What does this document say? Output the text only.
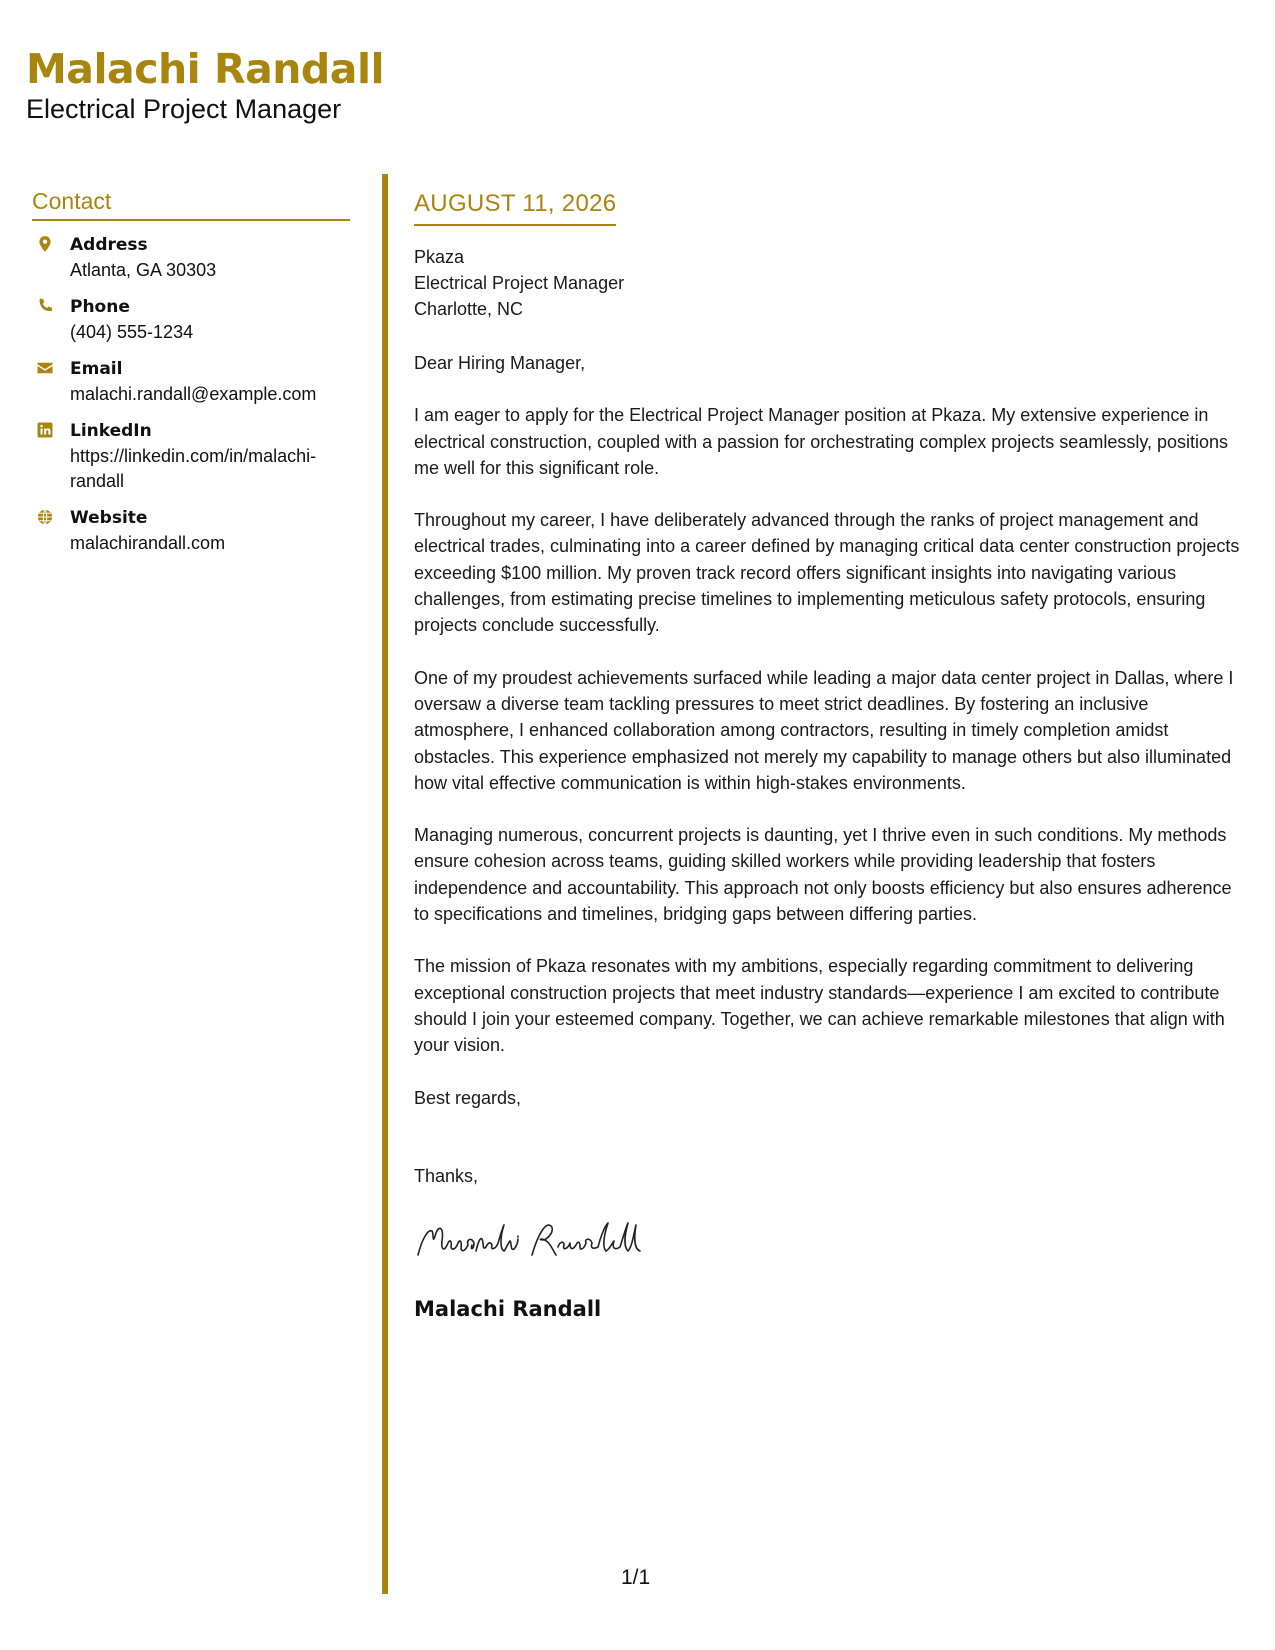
Malachi Randall
Electrical Project Manager
Contact
Address
Atlanta, GA 30303
Phone
(404) 555-1234
Email
malachi.randall@example.com
LinkedIn
https://linkedin.com/in/malachi-randall
Website
malachirandall.com
AUGUST 11, 2026
Pkaza
Electrical Project Manager
Charlotte, NC

Dear Hiring Manager,

I am eager to apply for the Electrical Project Manager position at Pkaza. My extensive experience in electrical construction, coupled with a passion for orchestrating complex projects seamlessly, positions me well for this significant role.

Throughout my career, I have deliberately advanced through the ranks of project management and electrical trades, culminating into a career defined by managing critical data center construction projects exceeding $100 million. My proven track record offers significant insights into navigating various challenges, from estimating precise timelines to implementing meticulous safety protocols, ensuring projects conclude successfully.

One of my proudest achievements surfaced while leading a major data center project in Dallas, where I oversaw a diverse team tackling pressures to meet strict deadlines. By fostering an inclusive atmosphere, I enhanced collaboration among contractors, resulting in timely completion amidst obstacles. This experience emphasized not merely my capability to manage others but also illuminated how vital effective communication is within high-stakes environments.

Managing numerous, concurrent projects is daunting, yet I thrive even in such conditions. My methods ensure cohesion across teams, guiding skilled workers while providing leadership that fosters independence and accountability. This approach not only boosts efficiency but also ensures adherence to specifications and timelines, bridging gaps between differing parties.

The mission of Pkaza resonates with my ambitions, especially regarding commitment to delivering exceptional construction projects that meet industry standards—experience I am excited to contribute should I join your esteemed company. Together, we can achieve remarkable milestones that align with your vision.

Best regards,
Thanks,
Malachi Randall
1/1
